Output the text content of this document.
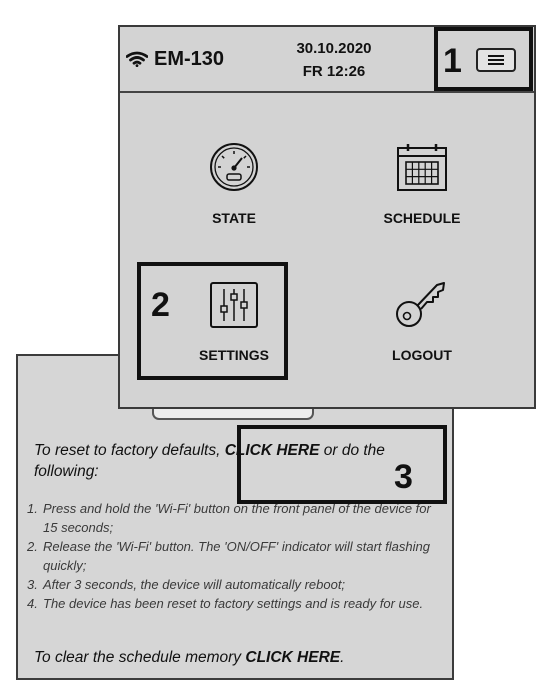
To reset to factory defaults, CLICK HERE or do the following:

1. Press and hold the 'Wi-Fi' button on the front panel of the device for 15 seconds;
2. Release the 'Wi-Fi' button. The 'ON/OFF' indicator will start flashing quickly;
3. After 3 seconds, the device will automatically reboot;
4. The device has been reset to factory settings and is ready for use.

To clear the schedule memory CLICK HERE.

EM-130	30.10.2020
FR 12:26
STATE	SCHEDULE
SETTINGS	LOGOUT
1
2
3
